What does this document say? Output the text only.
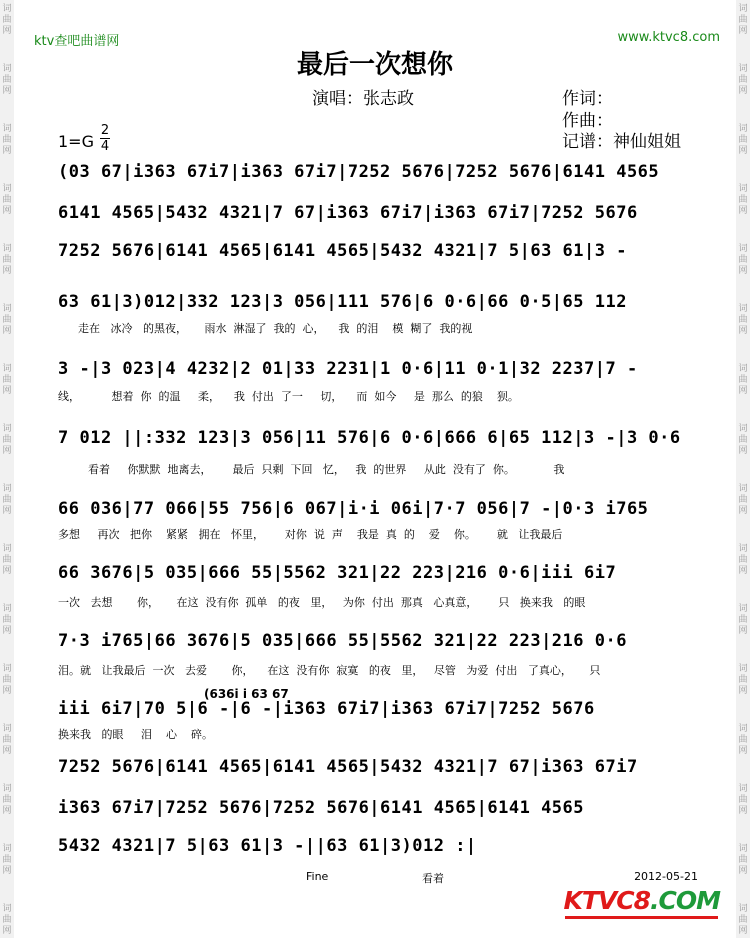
词
曲
网
词
曲
网
词
曲
网
词
曲
网
词
曲
网
词
曲
网
词
曲
网
词
曲
网
词
曲
网
词
曲
网
词
曲
网
词
曲
网
词
曲
网
词
曲
网
词
曲
网
词
曲
网
词
曲
网
词
曲
网
词
曲
网
词
曲
网
词
曲
网
词
曲
网
词
曲
网
词
曲
网
词
曲
网
词
曲
网
词
曲
网
词
曲
网
词
曲
网
词
曲
网
词
曲
网
词
曲
网
ktv查吧曲谱网	www.ktvc8.com
最后一次想你
演唱：张志政	作词：
作曲：
记谱：神仙姐姐
1=G
2
4
(03 67|i363 67i7|i363 67i7|7252 5676|7252 5676|6141 4565
6141 4565|5432 4321|7 67|i363 67i7|i363 67i7|7252 5676
7252 5676|6141 4565|6141 4565|5432 4321|7 5|63 61|3 -
63 61|3)012|332 123|3 056|111 576|6 0·6|66 0·5|65 112
走在   冰冷   的黑夜，     雨水  淋湿了  我的  心，    我  的泪    模  糊了  我的视
3 -|3 023|4 4232|2 01|33 2231|1 0·6|11 0·1|32 2237|7 -
线，         想着  你  的温     柔，    我  付出  了一     切，    而  如今     是  那么  的狼    狈。
7 012 ||:332 123|3 056|11 576|6 0·6|666 6|65 112|3 -|3 0·6
看着     你默默  地离去，      最后  只剩  下回   忆，   我  的世界     从此  没有了  你。           我
66 036|77 066|55 756|6 067|i·i 06i|7·7 056|7 -|0·3 i765
多想     再次   把你    紧紧   拥在   怀里，      对你  说  声    我是  真  的    爱    你。      就   让我最后
66 3676|5 035|666 55|5562 321|22 223|216 0·6|iii 6i7
一次   去想       你，     在这  没有你  孤单   的夜   里，   为你  付出  那真   心真意，      只   换来我   的眼
7·3 i765|66 3676|5 035|666 55|5562 321|22 223|216 0·6
泪。就   让我最后  一次   去爱       你，    在这  没有你  寂寞   的夜   里，   尽管   为爱  付出   了真心，     只
(636i i 63 67
iii 6i7|70 5|6 -|6 -|i363 67i7|i363 67i7|7252 5676
换来我   的眼     泪    心    碎。
7252 5676|6141 4565|6141 4565|5432 4321|7 67|i363 67i7
i363 67i7|7252 5676|7252 5676|6141 4565|6141 4565
5432 4321|7 5|63 61|3 -||63 61|3)012 :|
Fine	看着	2012-05-21
KTVC8.COM
